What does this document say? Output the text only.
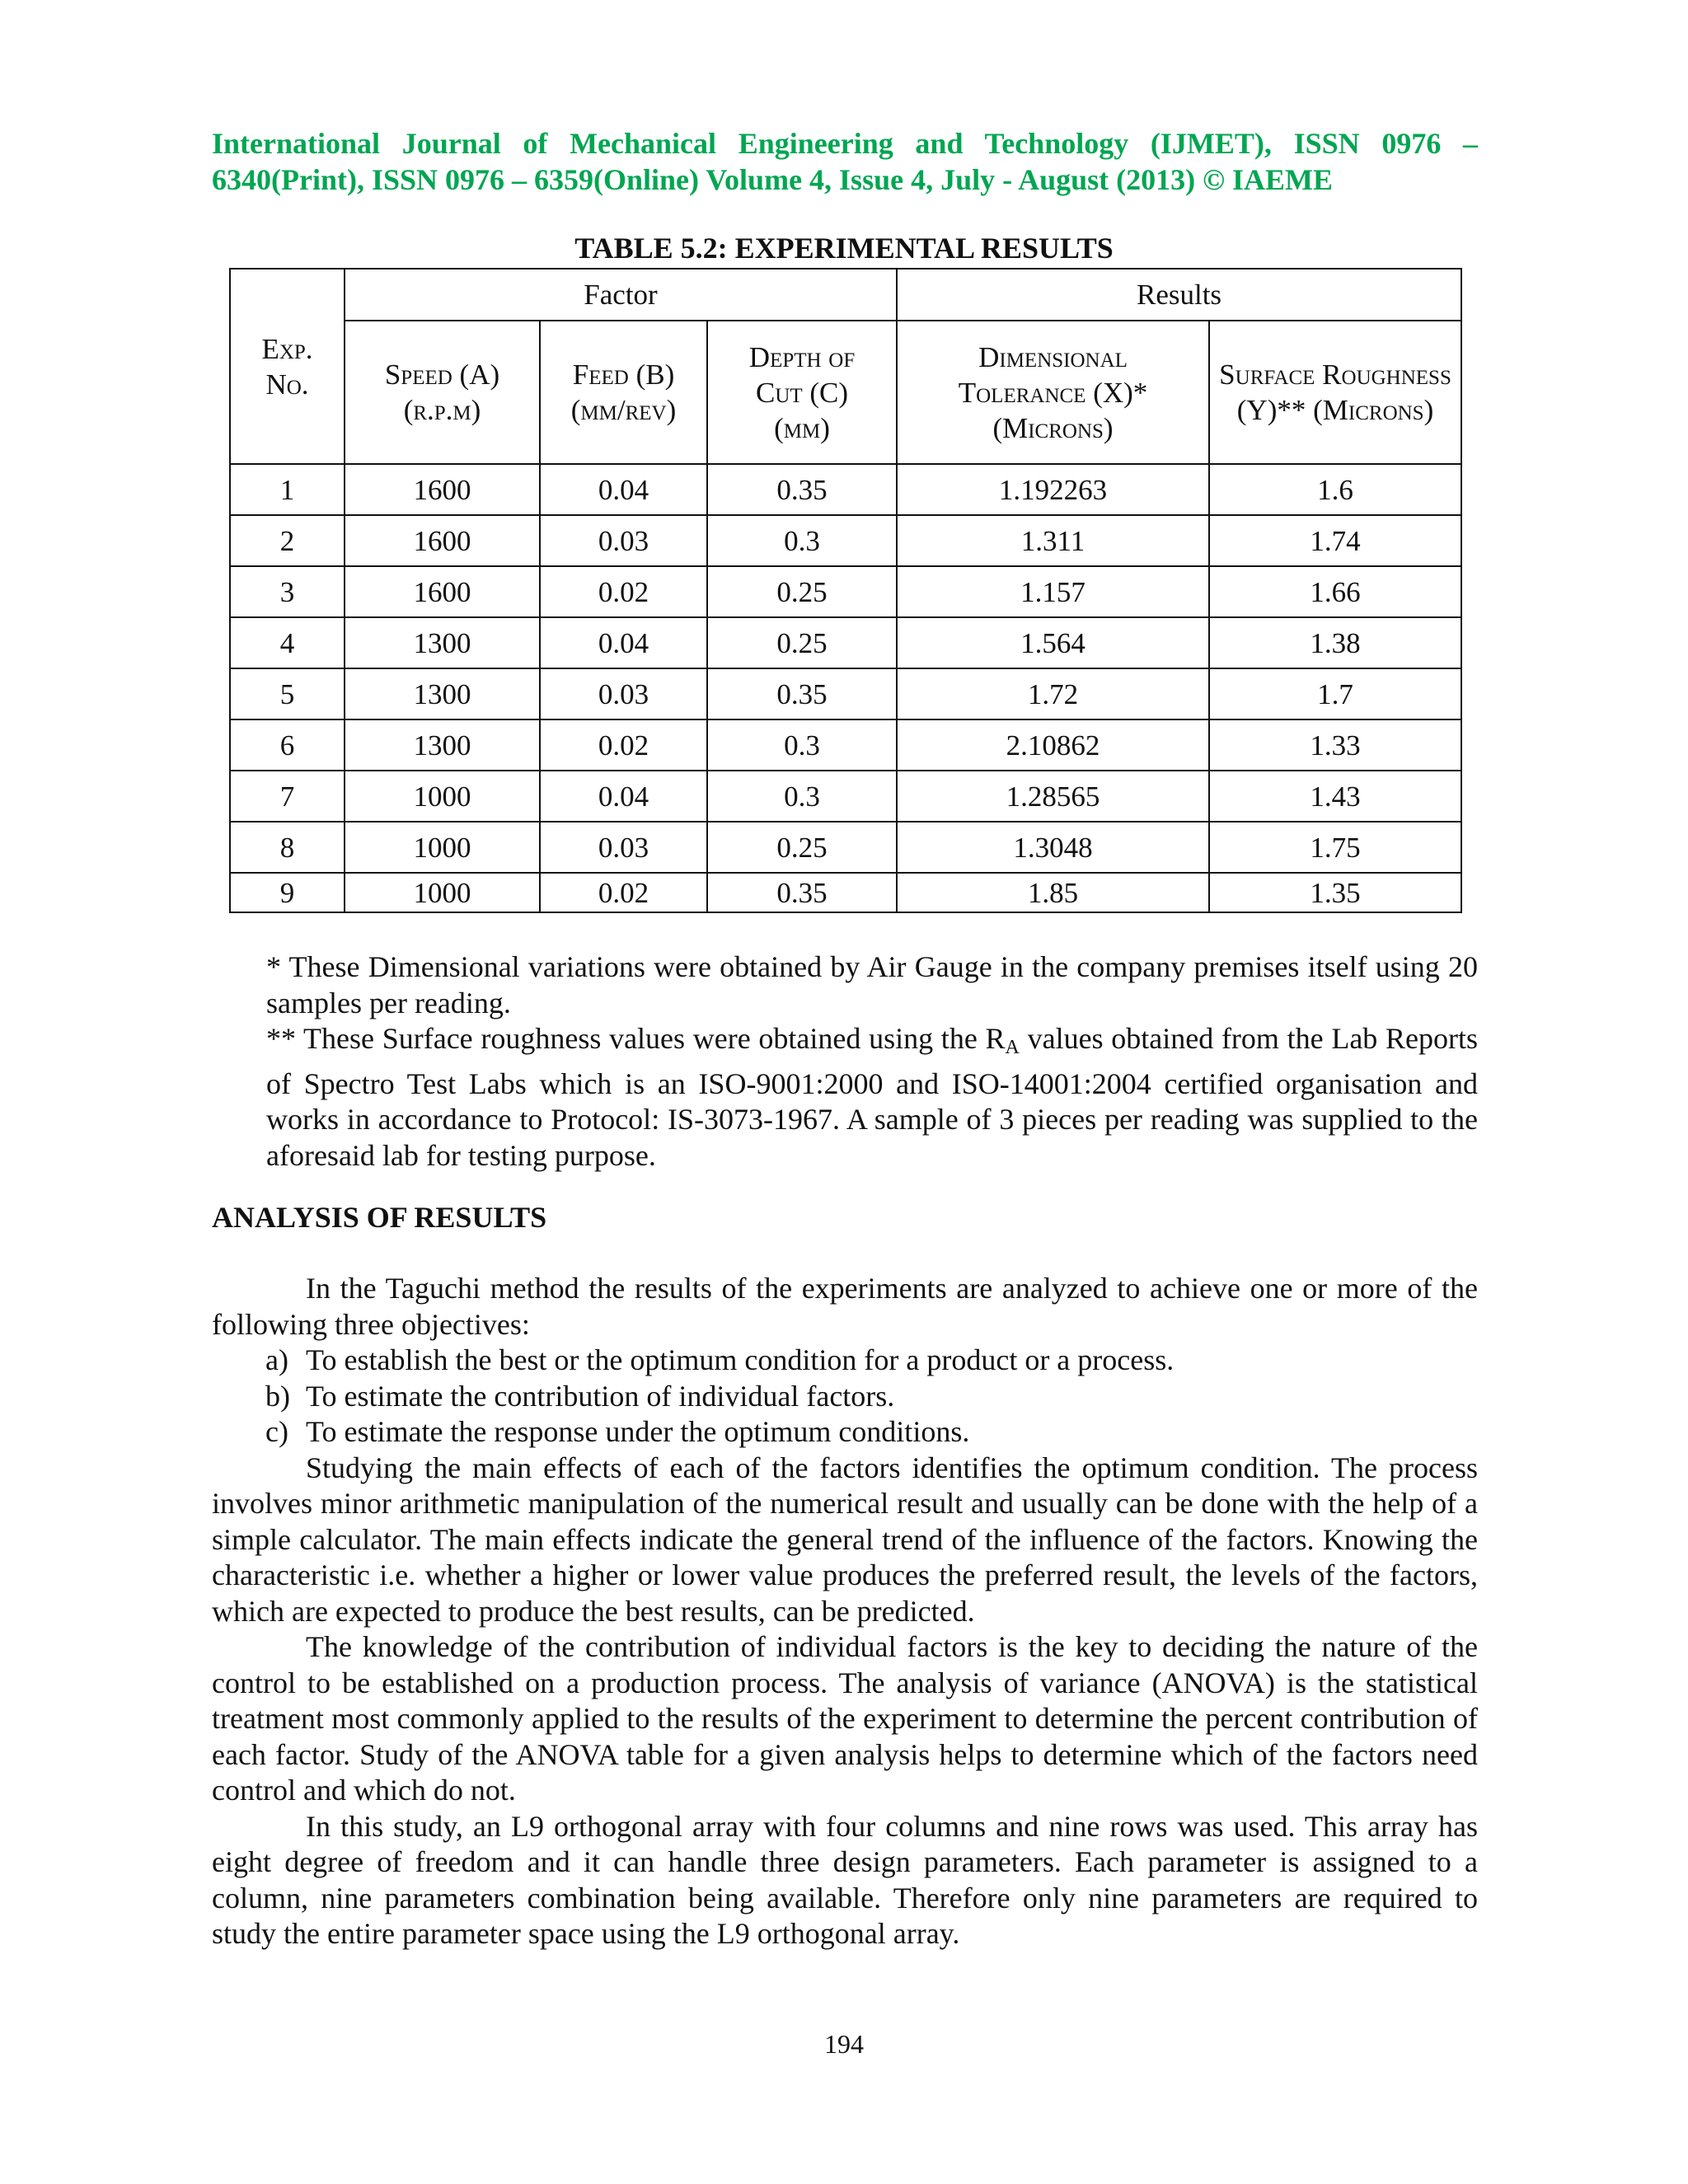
International Journal of Mechanical Engineering and Technology (IJMET), ISSN 0976 – 6340(Print), ISSN 0976 – 6359(Online) Volume 4, Issue 4, July - August (2013) © IAEME
TABLE 5.2: EXPERIMENTAL RESULTS
Exp. No.	Factor			Results	
	Speed (A)(r.p.m)	Feed (B) (mm/rev)	Depth of Cut (C) (mm)	Dimensional Tolerance (X)* (Microns)	Surface Roughness (Y)** (Microns)
1	1600	0.04	0.35	1.192263	1.6
2	1600	0.03	0.3	1.311	1.74
3	1600	0.02	0.25	1.157	1.66
4	1300	0.04	0.25	1.564	1.38
5	1300	0.03	0.35	1.72	1.7
6	1300	0.02	0.3	2.10862	1.33
7	1000	0.04	0.3	1.28565	1.43
8	1000	0.03	0.25	1.3048	1.75
9	1000	0.02	0.35	1.85	1.35
* These Dimensional variations were obtained by Air Gauge in the company premises itself using 20 samples per reading.
** These Surface roughness values were obtained using the $R_A$ values obtained from the Lab Reports of Spectro Test Labs which is an ISO-9001:2000 and ISO-14001:2004 certified organisation and works in accordance to Protocol: IS-3073-1967. A sample of 3 pieces per reading was supplied to the aforesaid lab for testing purpose.
ANALYSIS OF RESULTS

In the Taguchi method the results of the experiments are analyzed to achieve one or more of the following three objectives:

a) To establish the best or the optimum condition for a product or a process.
b) To estimate the contribution of individual factors.
c) To estimate the response under the optimum conditions.

Studying the main effects of each of the factors identifies the optimum condition. The process involves minor arithmetic manipulation of the numerical result and usually can be done with the help of a simple calculator. The main effects indicate the general trend of the influence of the factors. Knowing the characteristic i.e. whether a higher or lower value produces the preferred result, the levels of the factors, which are expected to produce the best results, can be predicted.

The knowledge of the contribution of individual factors is the key to deciding the nature of the control to be established on a production process. The analysis of variance (ANOVA) is the statistical treatment most commonly applied to the results of the experiment to determine the percent contribution of each factor. Study of the ANOVA table for a given analysis helps to determine which of the factors need control and which do not.

In this study, an L9 orthogonal array with four columns and nine rows was used. This array has eight degree of freedom and it can handle three design parameters. Each parameter is assigned to a column, nine parameters combination being available. Therefore only nine parameters are required to study the entire parameter space using the L9 orthogonal array.

194
